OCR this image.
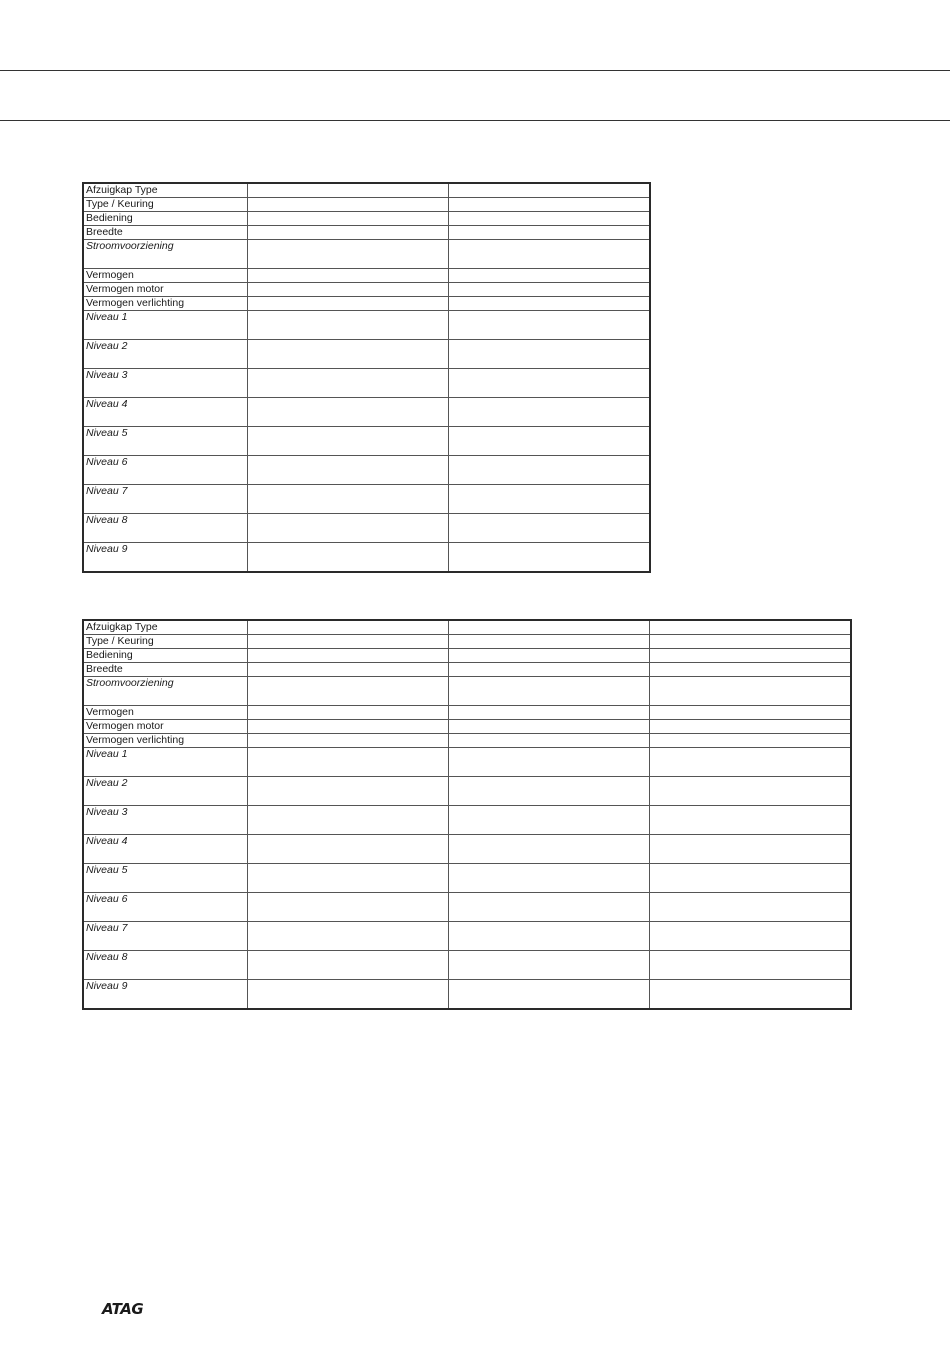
Afzuigkap Type		
Type / Keuring		
Bediening		
Breedte		
Stroomvoorziening		
Vermogen		
Vermogen motor		
Vermogen verlichting		
Niveau 1		
Niveau 2		
Niveau 3		
Niveau 4		
Niveau 5		
Niveau 6		
Niveau 7		
Niveau 8		
Niveau 9		
Afzuigkap Type			
Type / Keuring			
Bediening			
Breedte			
Stroomvoorziening			
Vermogen			
Vermogen motor			
Vermogen verlichting			
Niveau 1			
Niveau 2			
Niveau 3			
Niveau 4			
Niveau 5			
Niveau 6			
Niveau 7			
Niveau 8			
Niveau 9			
ATAG
